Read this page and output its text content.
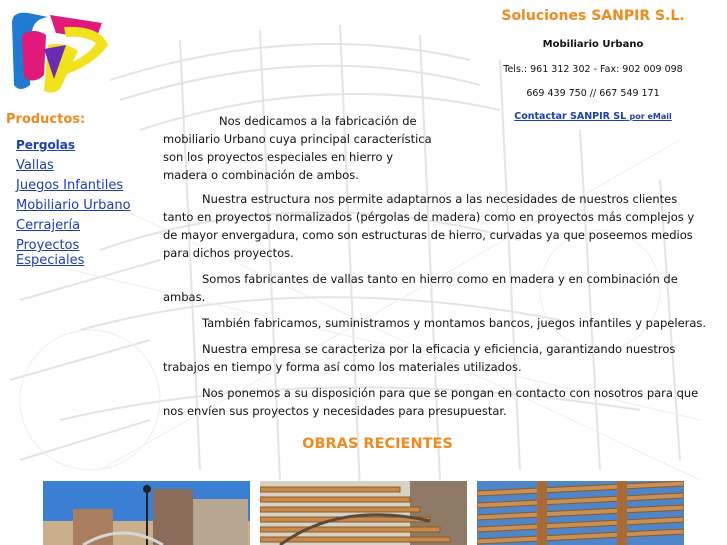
Productos:
Pergolas
Vallas
Juegos Infantiles
Mobiliario Urbano
Cerrajería
Proyectos Especiales
Soluciones SANPIR S.L.
Mobiliario Urbano
Tels.: 961 312 302 - Fax: 902 009 098
669 439 750 // 667 549 171
Contactar SANPIR SL por eMail

Nos dedicamos a la fabricación de mobiliario Urbano cuya principal característica son los proyectos especiales en hierro y madera o combinación de ambos.

Nuestra estructura nos permite adaptarnos a las necesidades de nuestros clientes tanto en proyectos normalizados (pérgolas de madera) como en proyectos más complejos y de mayor envergadura, como son estructuras de hierro, curvadas ya que poseemos medios para dichos proyectos.

Somos fabricantes de vallas tanto en hierro como en madera y en combinación de ambas.

También fabricamos, suministramos y montamos bancos, juegos infantiles y papeleras.

Nuestra empresa se caracteriza por la eficacia y eficiencia, garantizando nuestros trabajos en tiempo y forma así como los materiales utilizados.

Nos ponemos a su disposición para que se pongan en contacto con nosotros para que nos envíen sus proyectos y necesidades para presupuestar.

OBRAS RECIENTES
